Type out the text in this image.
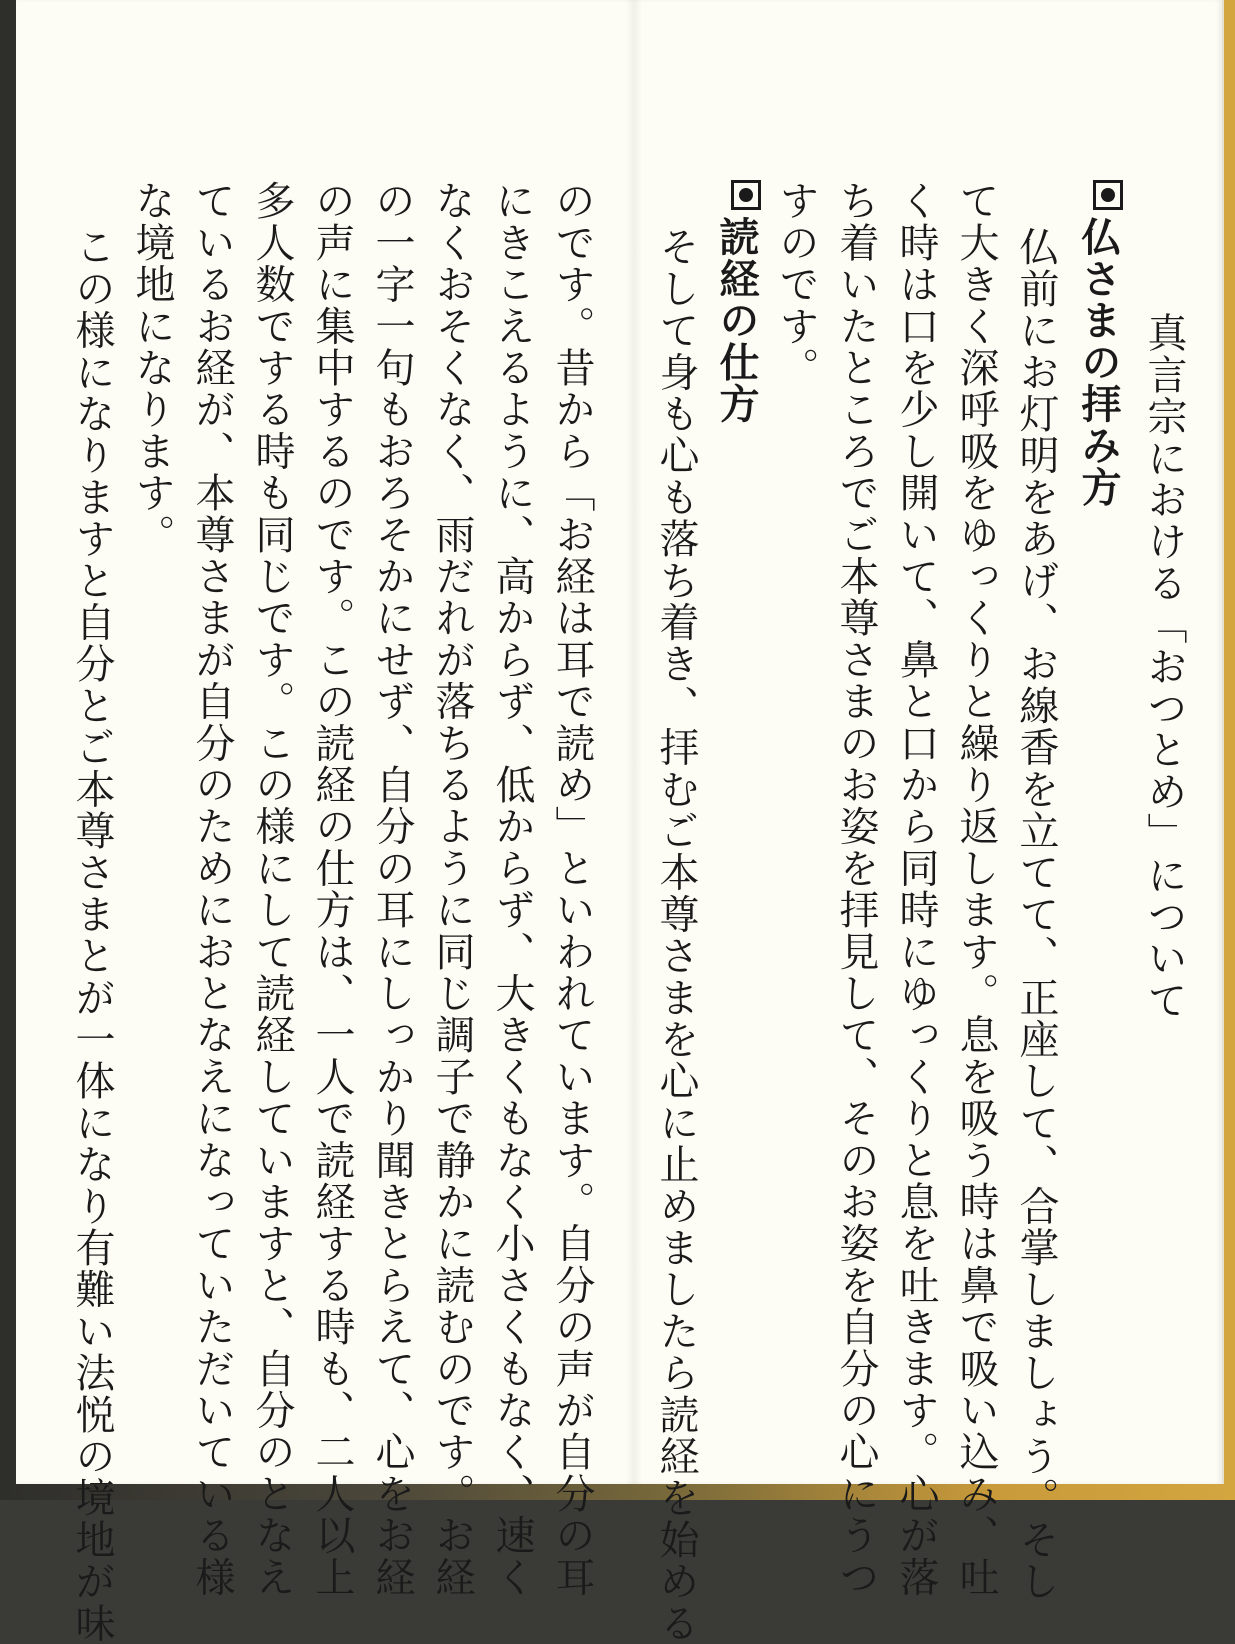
真言宗における「おつとめ」について
仏さまの拝み方
仏前にお灯明をあげ、お線香を立てて、正座して、合掌しましょう。そし
て大きく深呼吸をゆっくりと繰り返します。息を吸う時は鼻で吸い込み、吐
く時は口を少し開いて、鼻と口から同時にゆっくりと息を吐きます。心が落
ち着いたところでご本尊さまのお姿を拝見して、そのお姿を自分の心にうつ
すのです。
読経の仕方
そして身も心も落ち着き、拝むご本尊さまを心に止めましたら読経を始める
のです。昔から「お経は耳で読め」といわれています。自分の声が自分の耳
にきこえるように、高からず、低からず、大きくもなく小さくもなく、速く
なくおそくなく、雨だれが落ちるように同じ調子で静かに読むのです。お経
の一字一句もおろそかにせず、自分の耳にしっかり聞きとらえて、心をお経
の声に集中するのです。この読経の仕方は、一人で読経する時も、二人以上
多人数でする時も同じです。この様にして読経していますと、自分のとなえ
ているお経が、本尊さまが自分のためにおとなえになっていただいている様
な境地になります。
この様になりますと自分とご本尊さまとが一体になり有難い法悦の境地が味
